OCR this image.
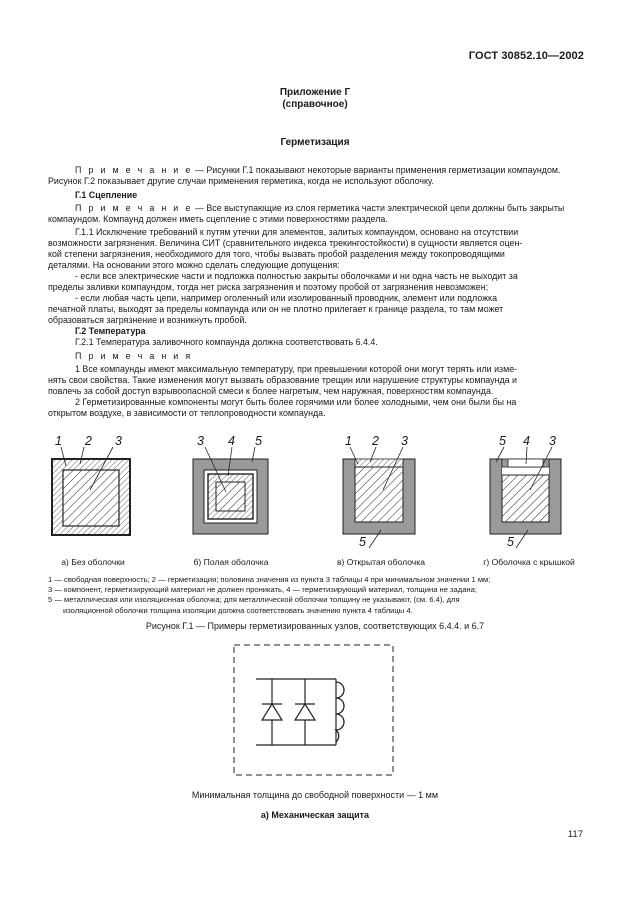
ГОСТ 30852.10—2002
Приложение Г
(справочное)
Герметизация

П р и м е ч а н и е — Рисунки Г.1 показывают некоторые варианты применения герметизации компаундом.

Рисунок Г.2 показывает другие случаи применения герметика, когда не используют оболочку.

Г.1 Сцепление

П р и м е ч а н и е — Все выступающие из слоя герметика части электрической цепи должны быть закрыты

компаундом. Компаунд должен иметь сцепление с этими поверхностями раздела.

Г.1.1 Исключение требований к путям утечки для элементов, залитых компаундом, основано на отсутствии

возможности загрязнения. Величина СИТ (сравнительного индекса трекингостойкости) в сущности является оцен-

кой степени загрязнения, необходимого для того, чтобы вызвать пробой разделения между токопроводящими

деталями. На основании этого можно сделать следующие допущения:

- если все электрические части и подложка полностью закрыты оболочками и ни одна часть не выходит за

пределы заливки компаундом, тогда нет риска загрязнения и поэтому пробой от загрязнения невозможен;

- если любая часть цепи, например оголенный или изолированный проводник, элемент или подложка

печатной платы, выходят за пределы компаунда или он не плотно прилегает к границе раздела, то там может

образоваться загрязнение и возникнуть пробой.

Г.2 Температура

Г.2.1 Температура заливочного компаунда должна соответствовать 6.4.4.

П р и м е ч а н и я

1 Все компаунды имеют максимальную температуру, при превышении которой они могут терять или изме-

нять свои свойства. Такие изменения могут вызвать образование трещин или нарушение структуры компаунда и

повлечь за собой доступ взрывоопасной смеси к более нагретым, чем наружная, поверхностям компаунда.

2 Герметизированные компоненты могут быть более горячими или более холодными, чем они были бы на

открытом воздухе, в зависимости от теплопроводности компаунда.

1 2 3	3 4 5	1 2 3
5
5 4 3
5
а) Без оболочки	б) Полая оболочка	в) Открытая оболочка	г) Оболочка с крышкой

1 — свободная поверхность; 2 — герметизация; половина значения из пункта 3 таблицы 4 при минимальном значении 1 мм;

3 — компонент, герметизирующий материал не должен проникать, 4 — герметизирующий материал, толщина не задана;

5 — металлическая или изоляционная оболочка; для металлической оболочки толщину не указывают, (см. 6.4), для

изоляционной оболочки толщина изоляции должна соответствовать значению пункта 4 таблицы 4.

Рисунок Г.1 — Примеры герметизированных узлов, соответствующих 6.4.4. и 6.7
Минимальная толщина до свободной поверхности — 1 мм
а) Механическая защита
117
